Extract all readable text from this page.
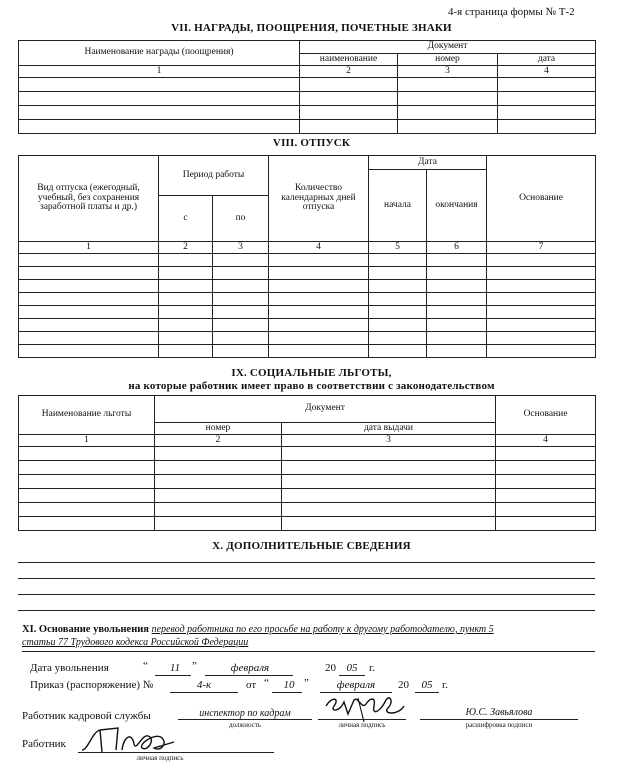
4-я страница формы № Т-2
VII. НАГРАДЫ, ПООЩРЕНИЯ, ПОЧЕТНЫЕ ЗНАКИ
Наименование награды (поощрения)	Документ		
	наименование	номер	дата
1	2	3	4

VIII. ОТПУСК
Вид отпуска (ежегодный, учебный, без сохранения заработной платы и др.)	Период работы		Количество календарных дней отпуска	Дата		Основание
				начала	окончания	
	с	по				
1	2	3	4	5	6	7

IX. СОЦИАЛЬНЫЕ ЛЬГОТЫ,
на которые работник имеет право в соответствии с законодательством
Наименование льготы	Документ		Основание
	номер	дата выдачи	
1	2	3	4

X. ДОПОЛНИТЕЛЬНЫЕ СВЕДЕНИЯ
XI. Основание увольнения перевод работника по его просьбе на работу к другому работодателю, пункт 5
статьи 77 Трудового кодекса Российской Федерации
Дата увольнения	“	11	”	февраля	20 05	г.
Приказ (распоряжение) №	4-к	от “	10 ”	февраля	20	05 г.
Работник кадровой службы	инспектор по кадрам
должность	личная подпись
Ю.С. Завьялова
расшифровка подписи
Работник
личная подпись
